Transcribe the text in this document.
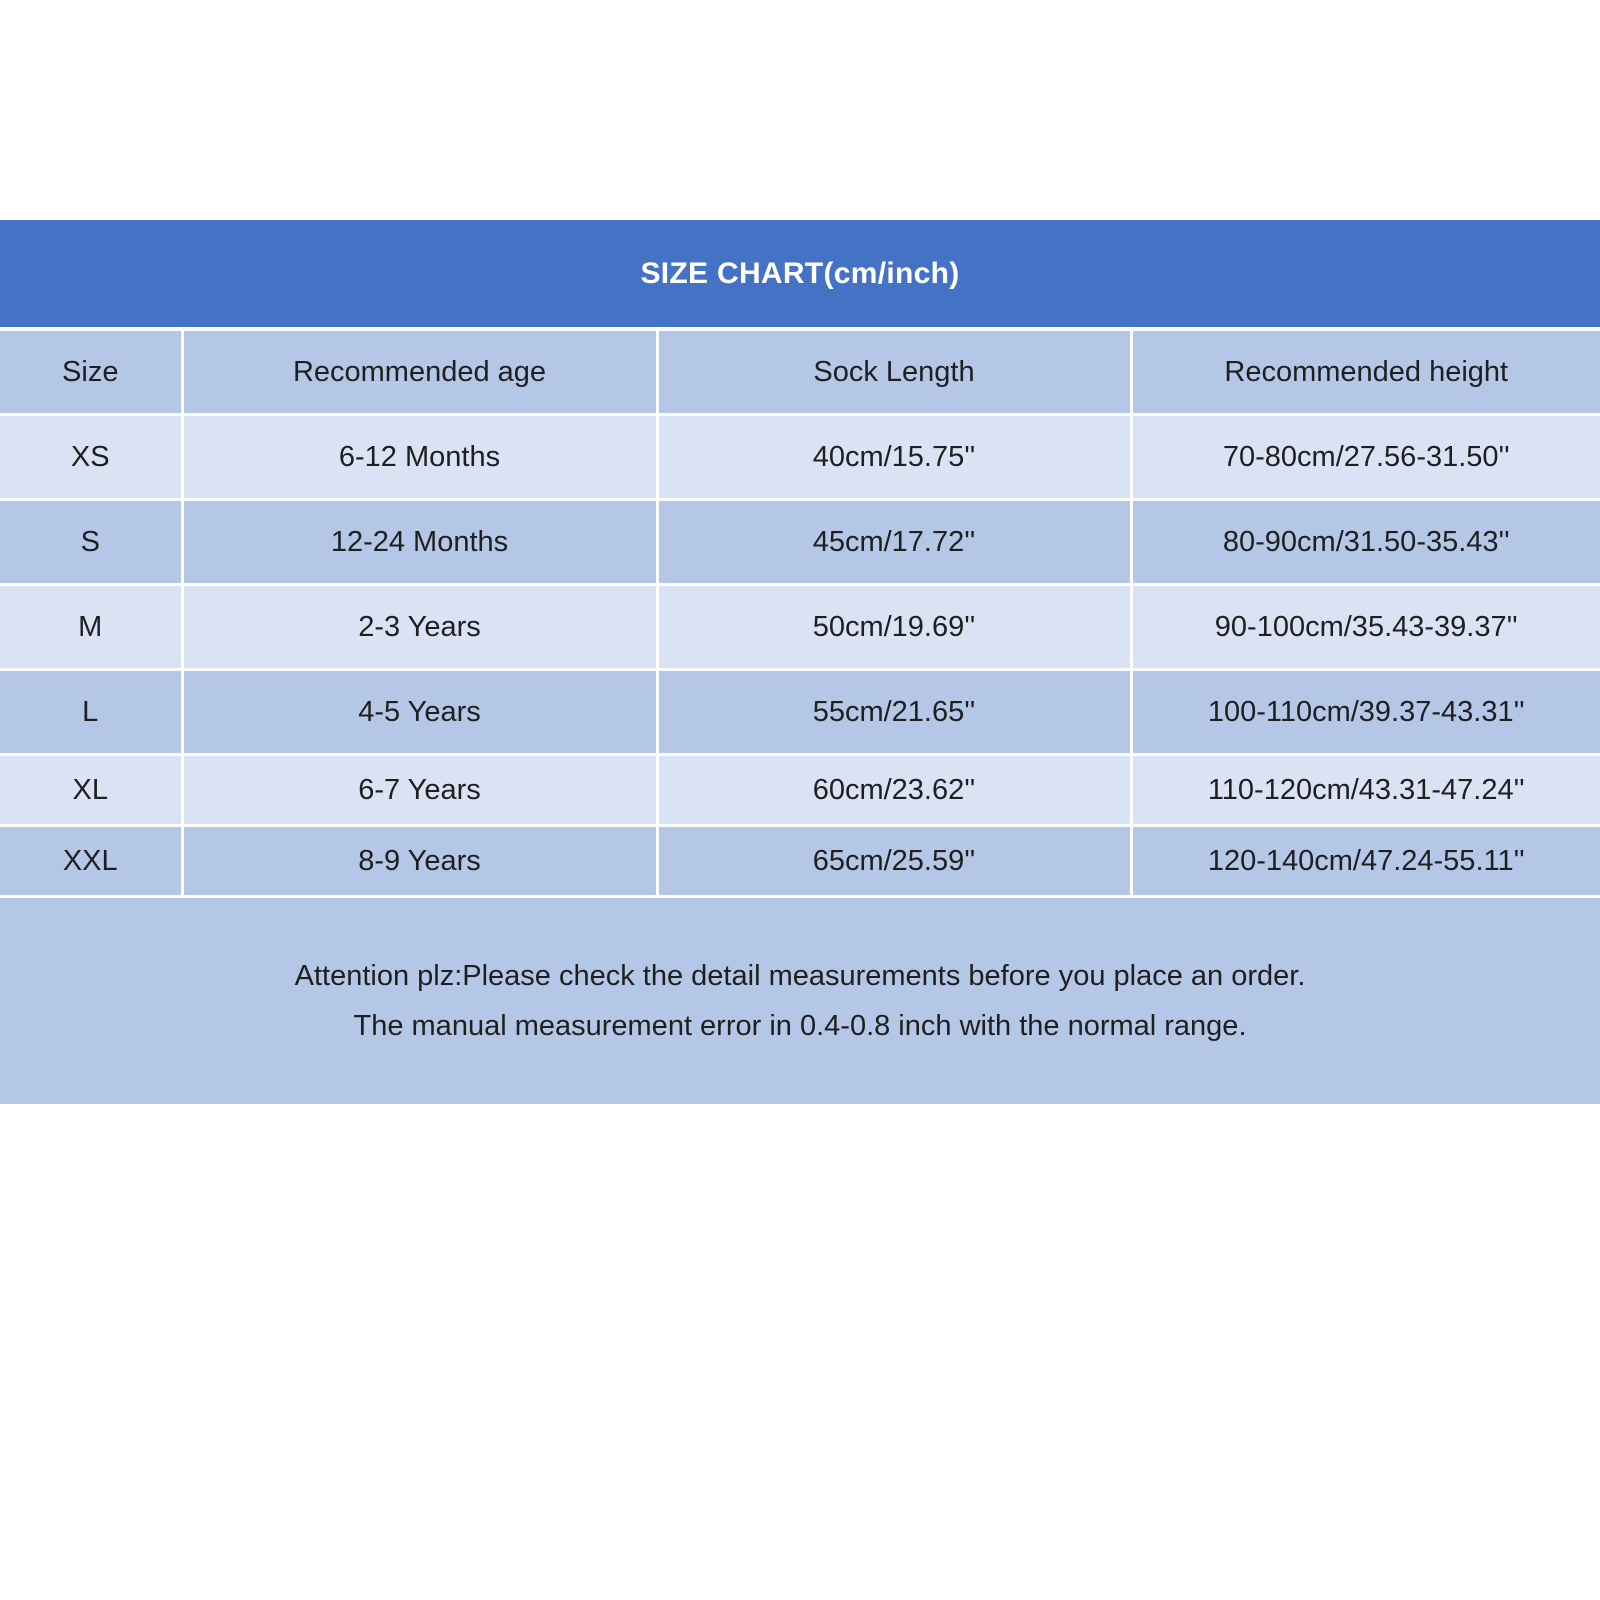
SIZE CHART(cm/inch)
Size	Recommended age	Sock Length	Recommended height
XS	6-12 Months	40cm/15.75''	70-80cm/27.56-31.50''
S	12-24 Months	45cm/17.72''	80-90cm/31.50-35.43''
M	2-3 Years	50cm/19.69''	90-100cm/35.43-39.37''
L	4-5 Years	55cm/21.65''	100-110cm/39.37-43.31''
XL	6-7 Years	60cm/23.62''	110-120cm/43.31-47.24''
XXL	8-9 Years	65cm/25.59''	120-140cm/47.24-55.11''
Attention plz:Please check the detail measurements before you place an order.
The manual measurement error in 0.4-0.8 inch with the normal range.
